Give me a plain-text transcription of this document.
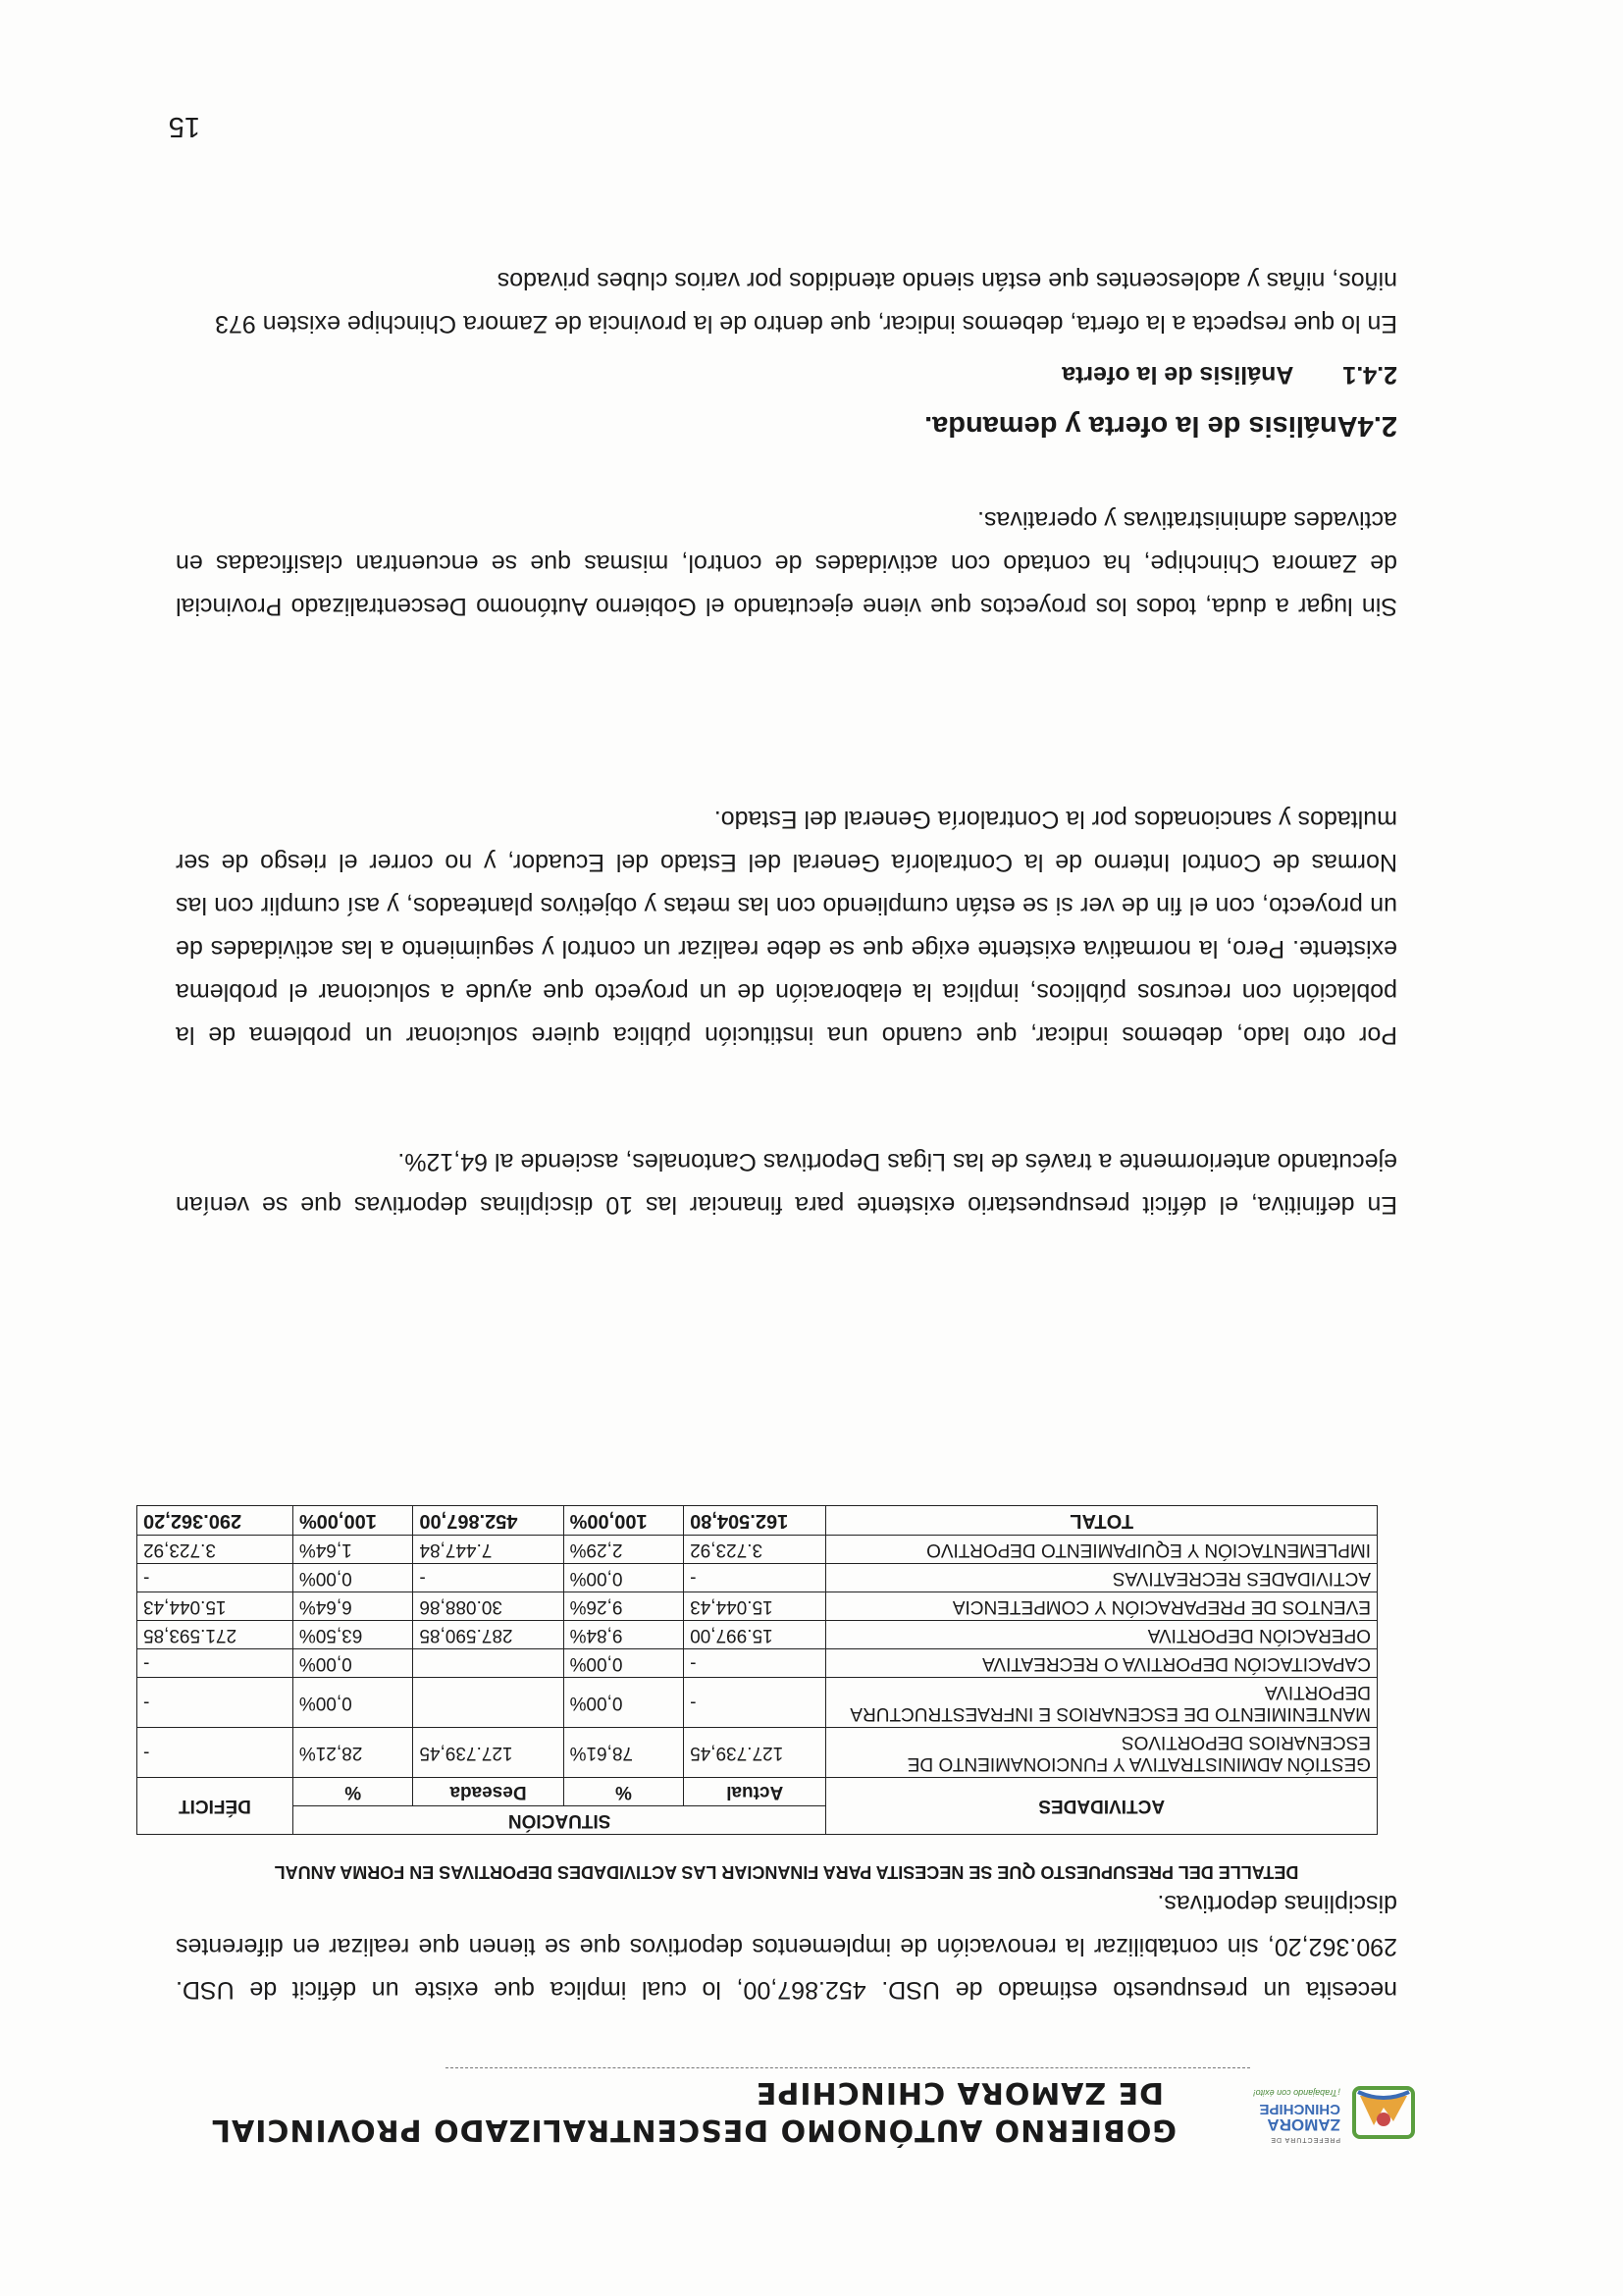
PREFECTURA DE
ZAMORA
CHINCHIPE
¡Trabajando con éxito!
GOBIERNO AUTÓNOMO DESCENTRALIZADO PROVINCIAL
DE ZAMORA CHINCHIPE

necesita un presupuesto estimado de USD. 452.867,00, lo cual implica que existe un déficit de USD. 290.362,20, sin contabilizar la renovación de implementos deportivos que se tienen que realizar en diferentes disciplinas deportivas.

DETALLE DEL PRESUPUESTO QUE SE NECESITA PARA FINANCIAR LAS ACTIVIDADES DEPORTIVAS EN FORMA ANUAL
ACTIVIDADES	SITUACIÓN				DÉFICIT
	Actual	%	Deseada	%	
GESTIÓN ADMINISTRATIVA Y FUNCIONAMIENTO DE ESCENARIOS DEPORTIVOS	127.739,45	78,61%	127.739,45	28,21%	-
MANTENIMIENTO DE ESCENARIOS E INFRAESTRUCTURA DEPORTIVA	-	0,00%		0,00%	-
CAPACITACIÓN DEPORTIVA O RECREATIVA	-	0,00%		0,00%	-
OPERACIÓN DEPORTIVA	15.997,00	9,84%	287.590,85	63,50%	271.593,85
EVENTOS DE PREPARACIÓN Y COMPETENCIA	15.044,43	9,26%	30.088,86	6,64%	15.044,43
ACTIVIDADES RECREATIVAS	-	0,00%	-	0,00%	-
IMPLEMENTACIÓN Y EQUIPAMIENTO DEPORTIVO	3.723,92	2,29%	7.447,84	1,64%	3.723,92
TOTAL	162.504,80	100,00%	452.867,00	100,00%	290.362,20

En definitiva, el déficit presupuestario existente para financiar las 10 disciplinas deportivas que se venían ejecutando anteriormente a través de las Ligas Deportivas Cantonales, asciende al 64,12%.

Por otro lado, debemos indicar, que cuando una institución pública quiere solucionar un problema de la población con recursos públicos, implica la elaboración de un proyecto que ayude a solucionar el problema existente. Pero, la normativa existente exige que se debe realizar un control y seguimiento a las actividades de un proyecto, con el fin de ver si se están cumpliendo con las metas y objetivos planteados, y así cumplir con las Normas de Control Interno de la Contraloría General del Estado del Ecuador, y no correr el riesgo de ser multados y sancionados por la Contraloría General del Estado.

Sin lugar a duda, todos los proyectos que viene ejecutando el Gobierno Autónomo Descentralizado Provincial de Zamora Chinchipe, ha contado con actividades de control, mismas que se encuentran clasificadas en activades administrativas y operativas.

2.4Análisis de la oferta y demanda.
2.4.1Análisis de la oferta

En lo que respecta a la oferta, debemos indicar, que dentro de la provincia de Zamora Chinchipe existen 973 niños, niñas y adolescentes que están siendo atendidos por varios clubes privados

15
